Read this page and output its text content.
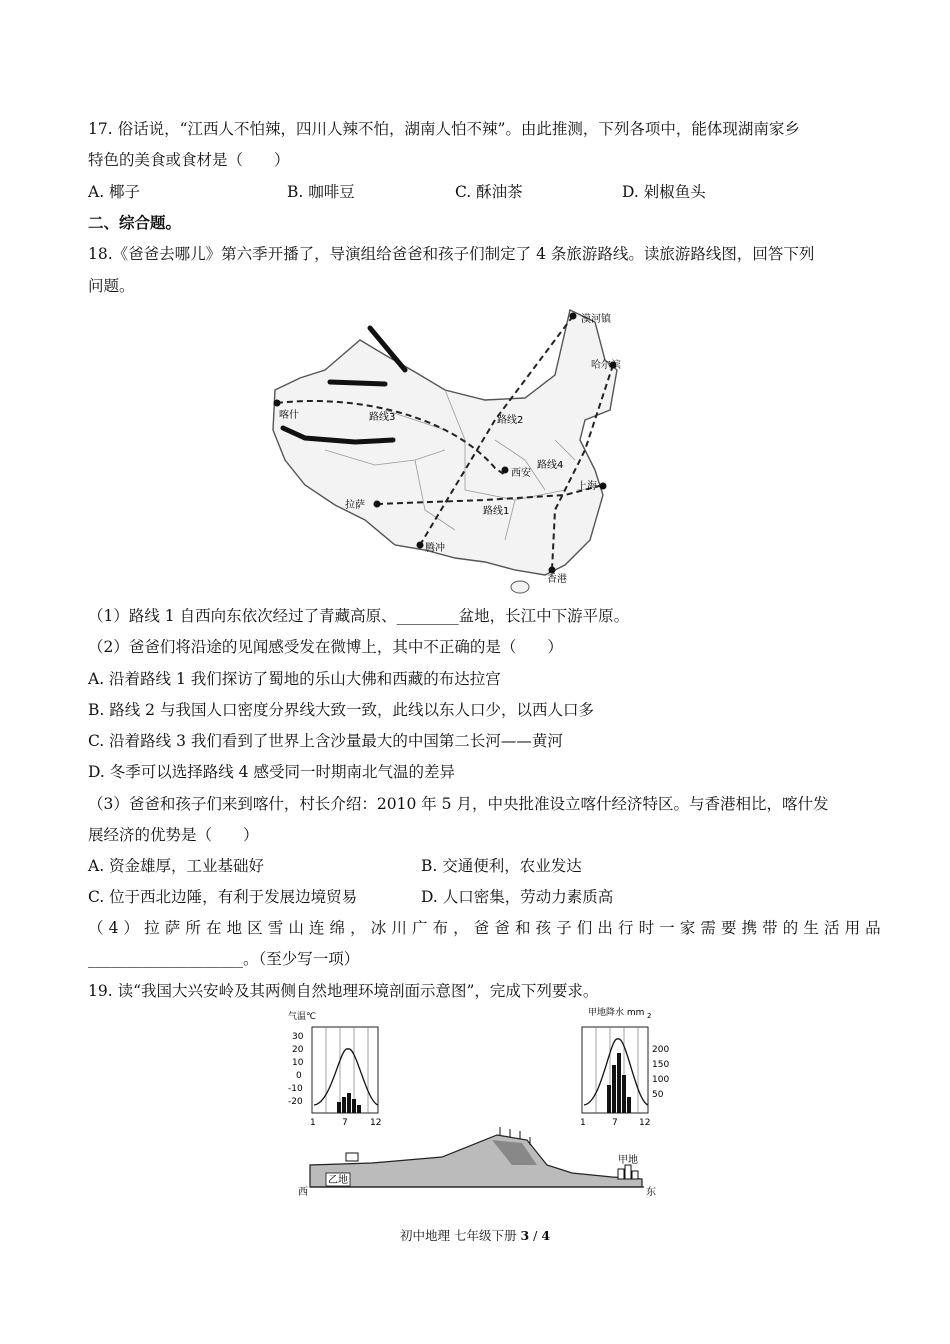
17. 俗话说，“江西人不怕辣，四川人辣不怕，湖南人怕不辣”。由此推测，下列各项中，能体现湖南家乡
特色的美食或食材是（　　）
A. 椰子	B. 咖啡豆	C. 酥油茶	D. 剁椒鱼头
二、综合题。
18.《爸爸去哪儿》第六季开播了，导演组给爸爸和孩子们制定了 4 条旅游路线。读旅游路线图，回答下列
问题。
漠河镇
哈尔滨
喀什
西安
上海
拉萨
腾冲
香港
路线1
路线2
路线3
路线4
（1）路线 1 自西向东依次经过了青藏高原、________盆地，长江中下游平原。
（2）爸爸们将沿途的见闻感受发在微博上，其中不正确的是（　　）
A. 沿着路线 1 我们探访了蜀地的乐山大佛和西藏的布达拉宫
B. 路线 2 与我国人口密度分界线大致一致，此线以东人口少，以西人口多
C. 沿着路线 3 我们看到了世界上含沙量最大的中国第二长河——黄河
D. 冬季可以选择路线 4 感受同一时期南北气温的差异
（3）爸爸和孩子们来到喀什，村长介绍：2010 年 5 月，中央批准设立喀什经济特区。与香港相比，喀什发
展经济的优势是（　　）
A. 资金雄厚，工业基础好	B. 交通便利，农业发达
C. 位于西北边陲，有利于发展边境贸易	D. 人口密集，劳动力素质高
（4）拉萨所在地区雪山连绵，冰川广布，爸爸和孩子们出行时一家需要携带的生活用品
____________________。（至少写一项）
19. 读“我国大兴安岭及其两侧自然地理环境剖面示意图”，完成下列要求。
气温℃
30
20
10
0
-10
-20
1	7 12
甲地降水 mm 2
200
150
100
50
1	7 12
甲地
乙地
西	东
初中地理 七年级下册 3 / 4
